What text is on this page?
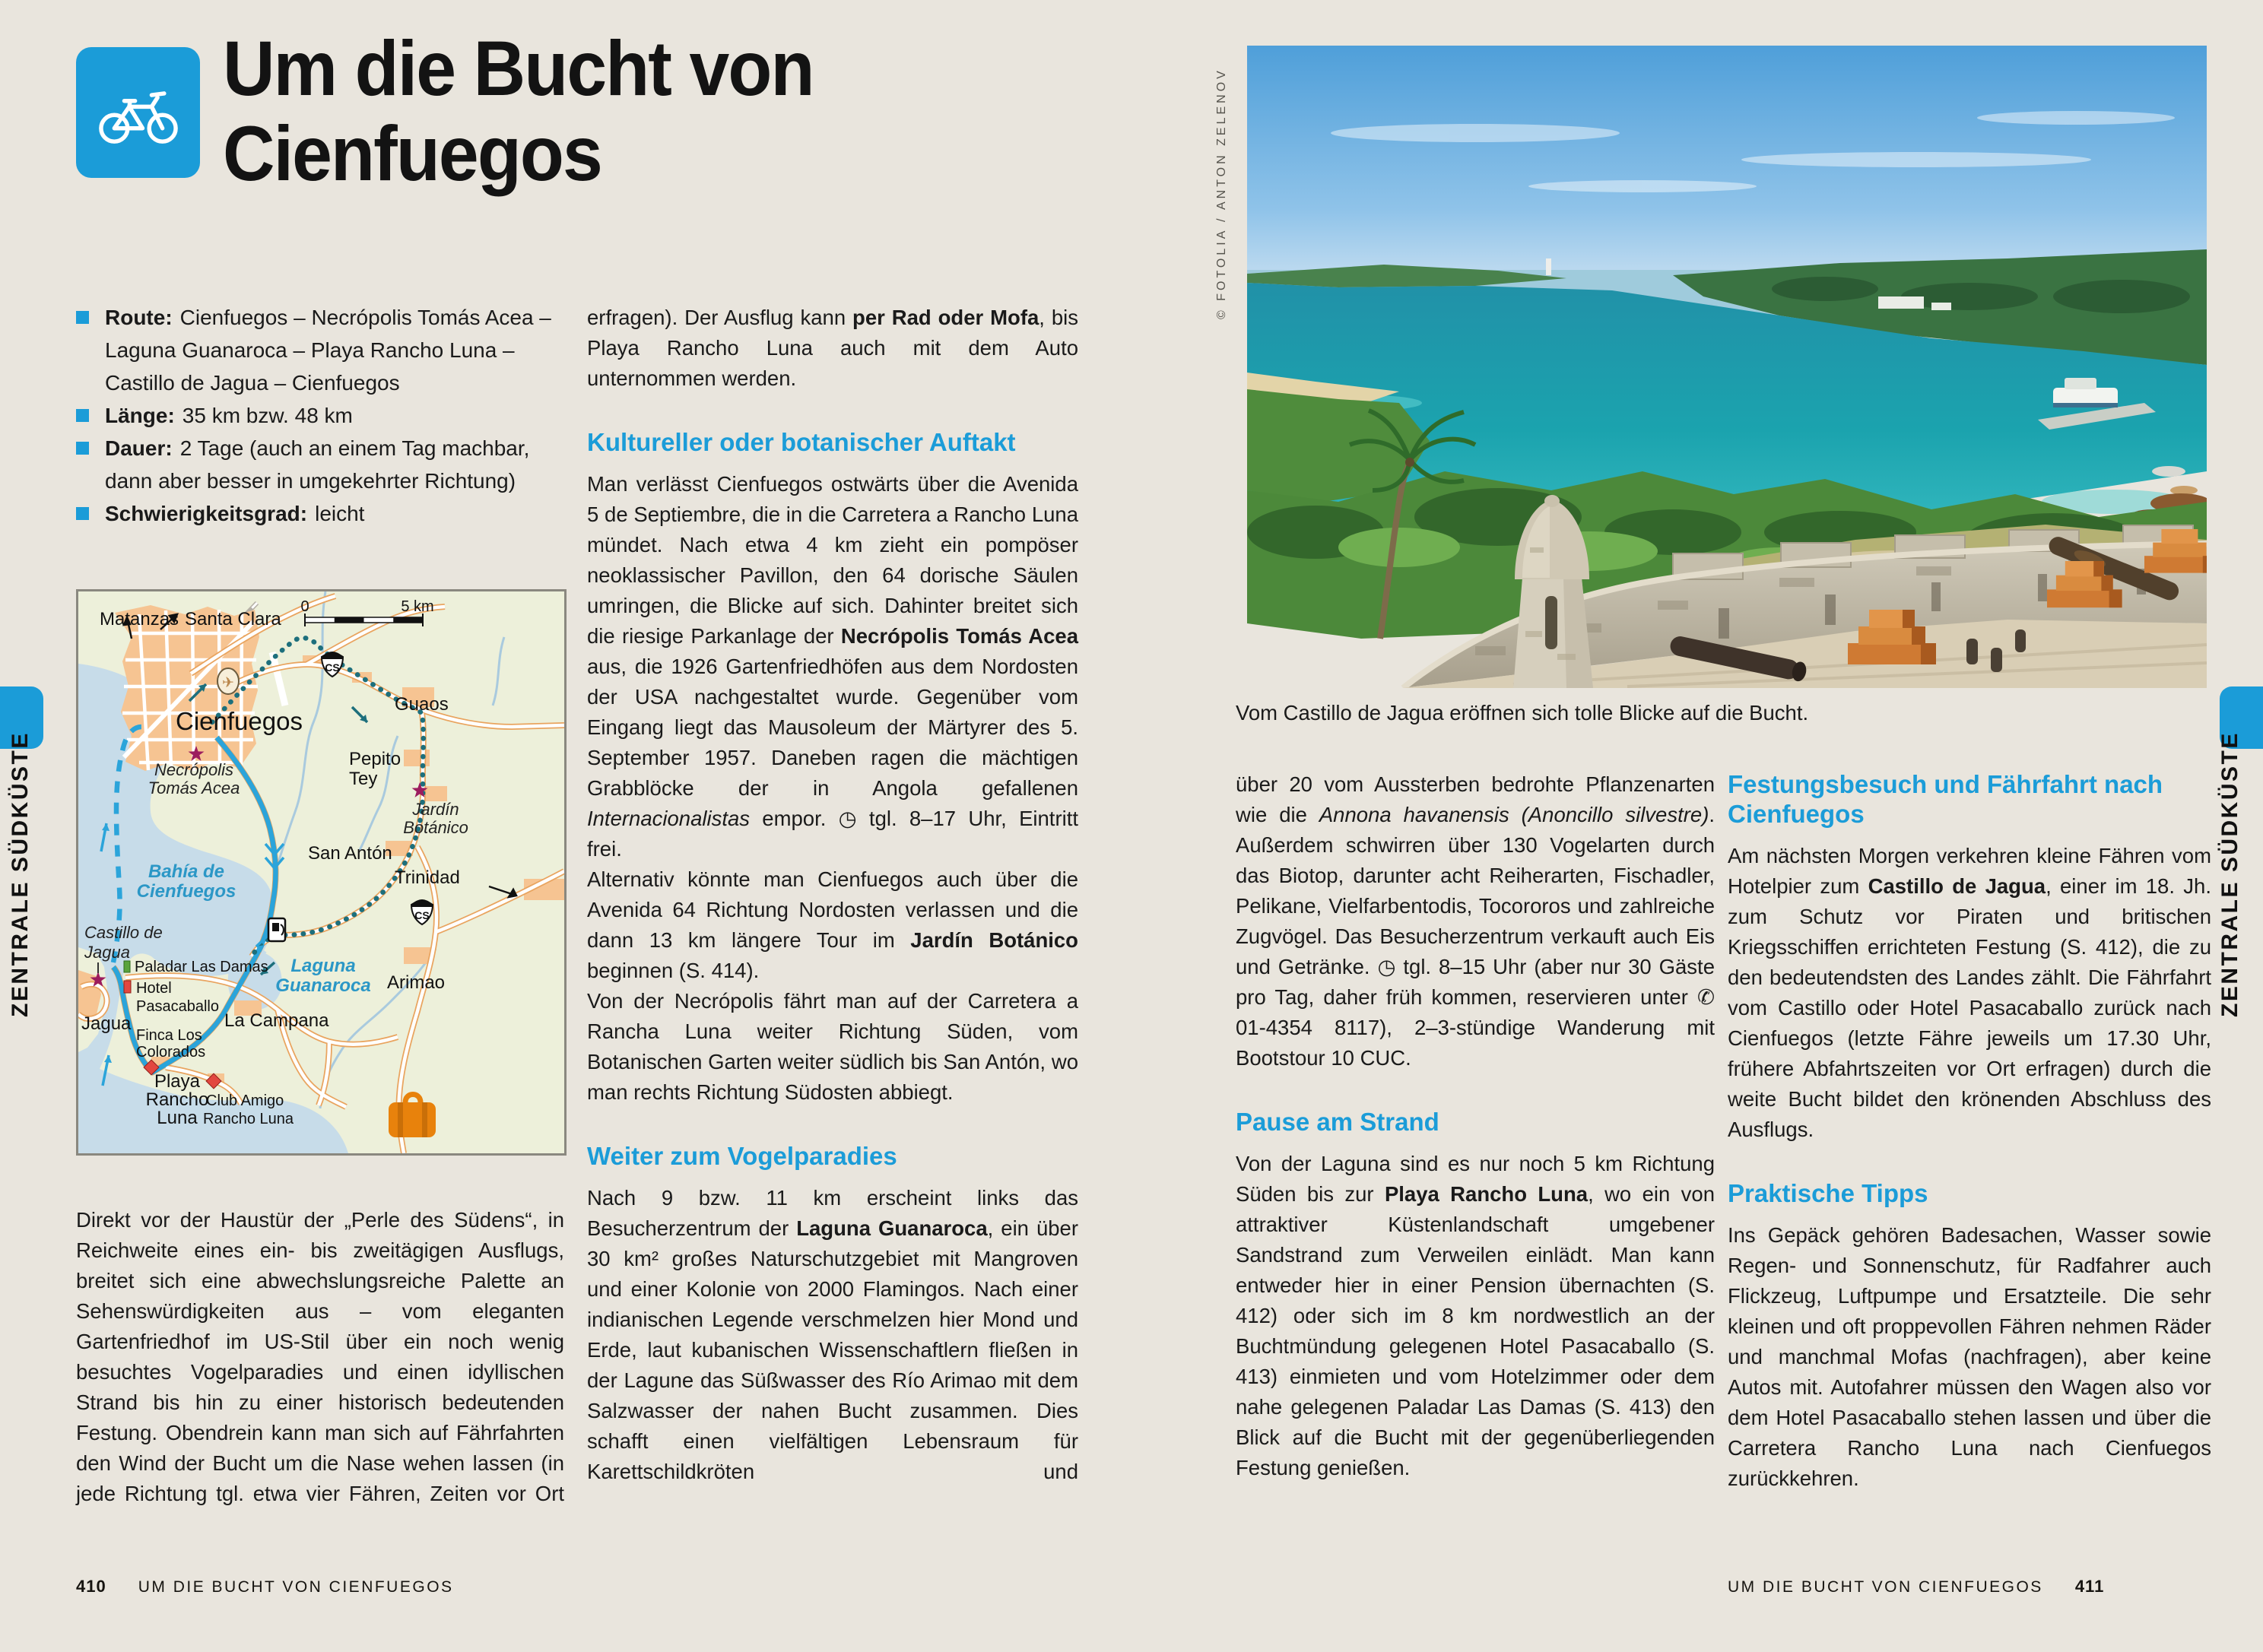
ZENTRALE SÜDKÜSTE	ZENTRALE SÜDKÜSTE
Um die Bucht von
Cienfuegos
Route: Cienfuegos – Necrópolis Tomás Acea – Laguna Guanaroca – Playa Rancho Luna – Castillo de Jagua – Cienfuegos
Länge: 35 km bzw. 48 km
Dauer: 2 Tage (auch an einem Tag machbar, dann aber besser in umgekehrter Richtung)
Schwierigkeitsgrad: leicht
✈
CS
CS
0	5 km
Matanzas Santa Clara
Cienfuegos
Guaos
Pepito
Tey
Necrópolis
Tomás Acea
Jardín
Botánico
San Antón
Bahía de
Cienfuegos
Trinidad
Laguna
Guanaroca Arimao
La Campana
Castillo de
Jagua
Paladar Las Damas
Hotel
Pasacaballo
Jagua
Finca Los
Colorados
Playa
Rancho
Luna
Club Amigo
Rancho Luna

Direkt vor der Haustür der „Perle des Südens“, in Reichweite eines ein- bis zweitägigen Ausflugs, breitet sich eine abwechslungsreiche Palette an Sehenswürdigkeiten aus – vom eleganten Gartenfriedhof im US-Stil über ein noch wenig besuchtes Vogelparadies und einen idyllischen Strand bis hin zu einer historisch bedeutenden Festung. Obendrein kann man sich auf Fährfahrten den Wind der Bucht um die Nase wehen lassen (in jede Richtung tgl. etwa vier Fähren, Zeiten vor Ort

erfragen). Der Ausflug kann per Rad oder Mofa, bis Playa Rancho Luna auch mit dem Auto unternommen werden.

Kultureller oder botanischer Auftakt

Man verlässt Cienfuegos ostwärts über die Avenida 5 de Septiembre, die in die Carretera a Rancho Luna mündet. Nach etwa 4 km zieht ein pompöser neoklassischer Pavillon, den 64 dorische Säulen umringen, die Blicke auf sich. Dahinter breitet sich die riesige Parkanlage der Necrópolis Tomás Acea aus, die 1926 Gartenfriedhöfen aus dem Nordosten der USA nachgestaltet wurde. Gegenüber vom Eingang liegt das Mausoleum der Märtyrer des 5. September 1957. Daneben ragen die mächtigen Grabblöcke der in Angola gefallenen Internacionalistas empor. ◷ tgl. 8–17 Uhr, Eintritt frei.

Alternativ könnte man Cienfuegos auch über die Avenida 64 Richtung Nordosten verlassen und die dann 13 km längere Tour im Jardín Botánico beginnen (S. 414).

Von der Necrópolis fährt man auf der Carretera a Rancha Luna weiter Richtung Süden, vom Botanischen Garten weiter südlich bis San Antón, wo man rechts Richtung Südosten abbiegt.

Weiter zum Vogelparadies

Nach 9 bzw. 11 km erscheint links das Besucherzentrum der Laguna Guanaroca, ein über 30 km² großes Naturschutzgebiet mit Mangroven und einer Kolonie von 2000 Flamingos. Nach einer indianischen Legende verschmelzen hier Mond und Erde, laut kubanischen Wissenschaftlern fließen in der Lagune das Süßwasser des Río Arimao mit dem Salzwasser der nahen Bucht zusammen. Dies schafft einen vielfältigen Lebensraum für Karettschildkröten und

© FOTOLIA / ANTON ZELENOV

Vom Castillo de Jagua eröffnen sich tolle Blicke auf die Bucht.

über 20 vom Aussterben bedrohte Pflanzenarten wie die Annona havanensis (Anoncillo silvestre). Außerdem schwirren über 130 Vogelarten durch das Biotop, darunter acht Reiherarten, Fischadler, Pelikane, Vielfarbentodis, Tocororos und zahlreiche Zugvögel. Das Besucherzentrum verkauft auch Eis und Getränke. ◷ tgl. 8–15 Uhr (aber nur 30 Gäste pro Tag, daher früh kommen, reservieren unter ✆ 01-4354 8117), 2–3-stündige Wanderung mit Bootstour 10 CUC.

Pause am Strand

Von der Laguna sind es nur noch 5 km Richtung Süden bis zur Playa Rancho Luna, wo ein von attraktiver Küstenlandschaft umgebener Sandstrand zum Verweilen einlädt. Man kann entweder hier in einer Pension übernachten (S. 412) oder sich im 8 km nordwestlich an der Buchtmündung gelegenen Hotel Pasacaballo (S. 413) einmieten und vom Hotelzimmer oder dem nahe gelegenen Paladar Las Damas (S. 413) den Blick auf die Bucht mit der gegenüberliegenden Festung genießen.

Festungsbesuch und Fährfahrt nach Cienfuegos

Am nächsten Morgen verkehren kleine Fähren vom Hotelpier zum Castillo de Jagua, einer im 18. Jh. zum Schutz vor Piraten und britischen Kriegsschiffen errichteten Festung (S. 412), die zu den bedeutendsten des Landes zählt. Die Fährfahrt vom Castillo oder Hotel Pasacaballo zurück nach Cienfuegos (letzte Fähre jeweils um 17.30 Uhr, frühere Abfahrtszeiten vor Ort erfragen) durch die weite Bucht bildet den krönenden Abschluss des Ausflugs.

Praktische Tipps

Ins Gepäck gehören Badesachen, Wasser sowie Regen- und Sonnenschutz, für Radfahrer auch Flickzeug, Luftpumpe und Ersatzteile. Die sehr kleinen und oft proppevollen Fähren nehmen Räder und manchmal Mofas (nachfragen), aber keine Autos mit. Autofahrer müssen den Wagen also vor dem Hotel Pasacaballo stehen lassen und über die Carretera Rancho Luna nach Cienfuegos zurückkehren.

410 UM DIE BUCHT VON CIENFUEGOS	UM DIE BUCHT VON CIENFUEGOS 411
